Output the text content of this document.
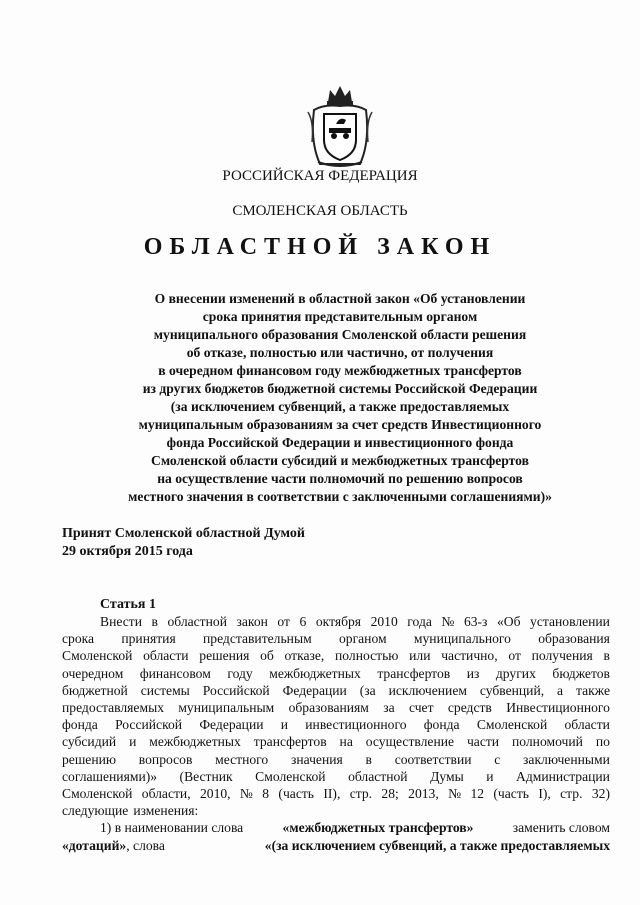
РОССИЙСКАЯ ФЕДЕРАЦИЯ
СМОЛЕНСКАЯ ОБЛАСТЬ
ОБЛАСТНОЙ ЗАКОН
О внесении изменений в областной закон «Об установлении
срока принятия представительным органом
муниципального образования Смоленской области решения
об отказе, полностью или частично, от получения
в очередном финансовом году межбюджетных трансфертов
из других бюджетов бюджетной системы Российской Федерации
(за исключением субвенций, а также предоставляемых
муниципальным образованиям за счет средств Инвестиционного
фонда Российской Федерации и инвестиционного фонда
Смоленской области субсидий и межбюджетных трансфертов
на осуществление части полномочий по решению вопросов
местного значения в соответствии с заключенными соглашениями)»
Принят Смоленской областной Думой
29 октября 2015 года
Статья 1
Внести в областной закон от 6 октября 2010 года № 63-з «Об установлении
срока принятия представительным органом муниципального образования
Смоленской области решения об отказе, полностью или частично, от получения в
очередном финансовом году межбюджетных трансфертов из других бюджетов
бюджетной системы Российской Федерации (за исключением субвенций, а также
предоставляемых муниципальным образованиям за счет средств Инвестиционного
фонда Российской Федерации и инвестиционного фонда Смоленской области
субсидий и межбюджетных трансфертов на осуществление части полномочий по
решению вопросов местного значения в соответствии с заключенными
соглашениями)» (Вестник Смоленской областной Думы и Администрации
Смоленской области, 2010, № 8 (часть II), стр. 28; 2013, № 12 (часть I), стр. 32)
следующие изменения:
1) в наименовании слова	«межбюджетных трансфертов»	заменить словом
«дотаций», слова	«(за исключением субвенций, а также предоставляемых
